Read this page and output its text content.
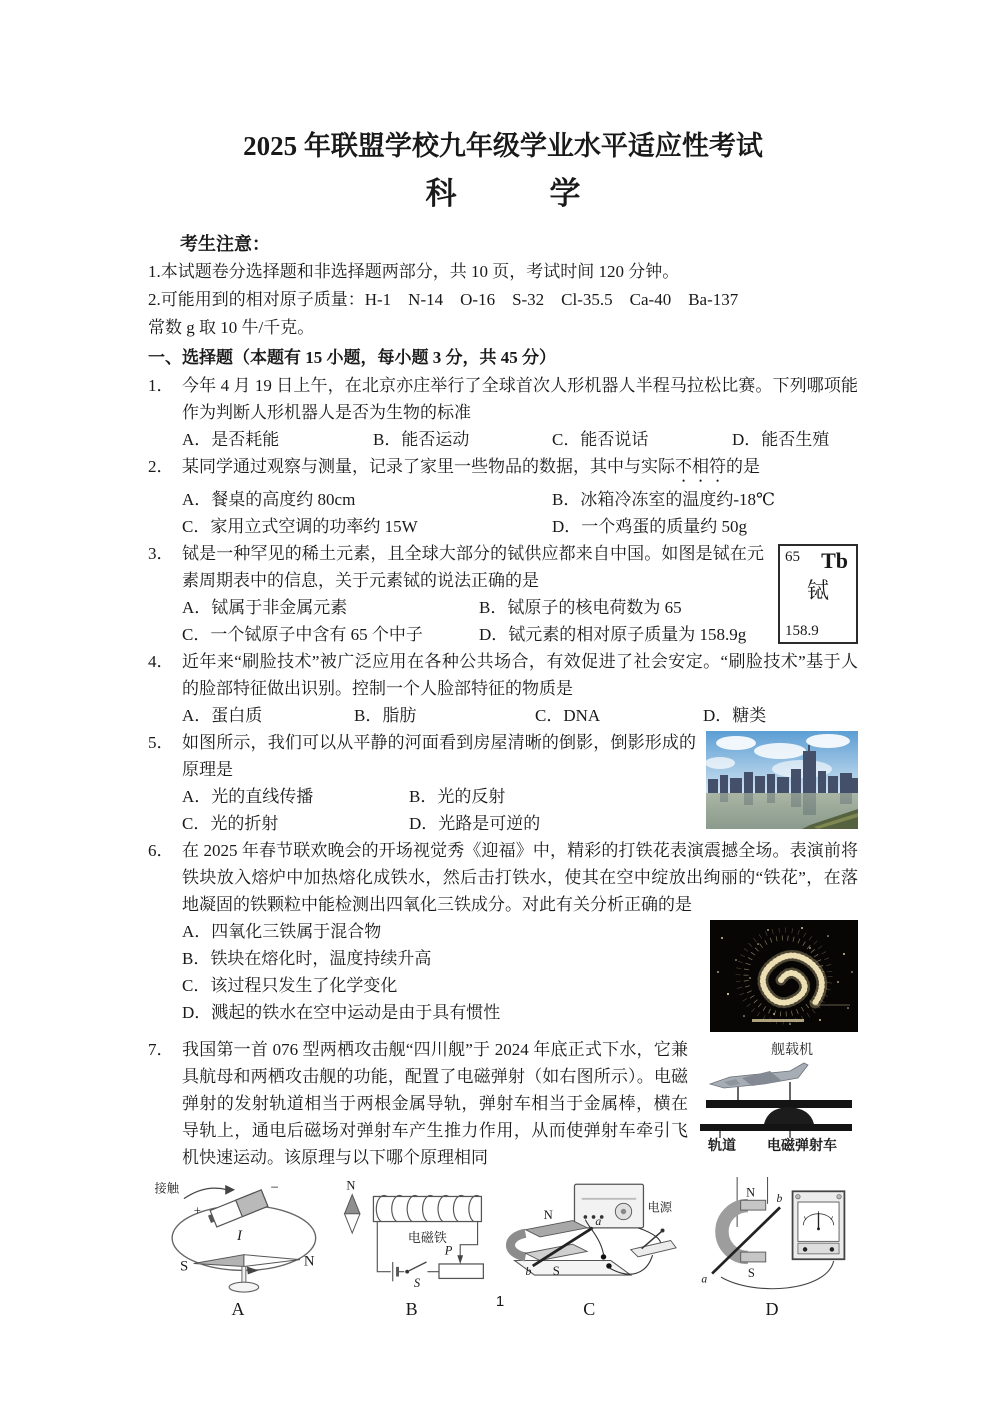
2025 年联盟学校九年级学业水平适应性考试
科　　　学
考生注意：
1.本试题卷分选择题和非选择题两部分，共 10 页，考试时间 120 分钟。
2.可能用到的相对原子质量：H-1    N-14    O-16    S-32    Cl-35.5    Ca-40    Ba-137
常数 g 取 10 牛/千克。
一、选择题（本题有 15 小题，每小题 3 分，共 45 分）
1． 今年 4 月 19 日上午，在北京亦庄举行了全球首次人形机器人半程马拉松比赛。下列哪项能作为判断人形机器人是否为生物的标准
A．是否耗能	B．能否运动	C．能否说话	D．能否生殖
2． 某同学通过观察与测量，记录了家里一些物品的数据，其中与实际不相符的是
A．餐桌的高度约 80cm	B．冰箱冷冻室的温度约-18℃
C．家用立式空调的功率约 15W	D．一个鸡蛋的质量约 50g
3．	65 Tb
铽
158.9
铽是一种罕见的稀土元素，且全球大部分的铽供应都来自中国。如图是铽在元素周期表中的信息，关于元素铽的说法正确的是
A．铽属于非金属元素	B．铽原子的核电荷数为 65
C．一个铽原子中含有 65 个中子	D．铽元素的相对原子质量为 158.9g
4． 近年来“刷脸技术”被广泛应用在各种公共场合，有效促进了社会安定。“刷脸技术”基于人的脸部特征做出识别。控制一个人脸部特征的物质是
A．蛋白质	B．脂肪	C．DNA	D．糖类
5． 如图所示，我们可以从平静的河面看到房屋清晰的倒影，倒影形成的原理是
A．光的直线传播	B．光的反射
C．光的折射	D．光路是可逆的
6． 在 2025 年春节联欢晚会的开场视觉秀《迎福》中，精彩的打铁花表演震撼全场。表演前将铁块放入熔炉中加热熔化成铁水，然后击打铁水，使其在空中绽放出绚丽的“铁花”，在落地凝固的铁颗粒中能检测出四氧化三铁成分。对此有关分析正确的是
A．四氧化三铁属于混合物
B．铁块在熔化时，温度持续升高
C．该过程只发生了化学变化
D．溅起的铁水在空中运动是由于具有惯性
7．	舰载机
轨道 电磁弹射车
我国第一首 076 型两栖攻击舰“四川舰”于 2024 年底正式下水，它兼具航母和两栖攻击舰的功能，配置了电磁弹射（如右图所示）。电磁弹射的发射轨道相当于两根金属导轨，弹射车相当于金属棒，横在导轨上，通电后磁场对弹射车产生推力作用，从而使弹射车牵引飞机快速运动。该原理与以下哪个原理相同
接触
+
−
I
S	N
A
N
电磁铁
S
P
B
电源
N
S
a
b
C
N
S
b
a
D
1
